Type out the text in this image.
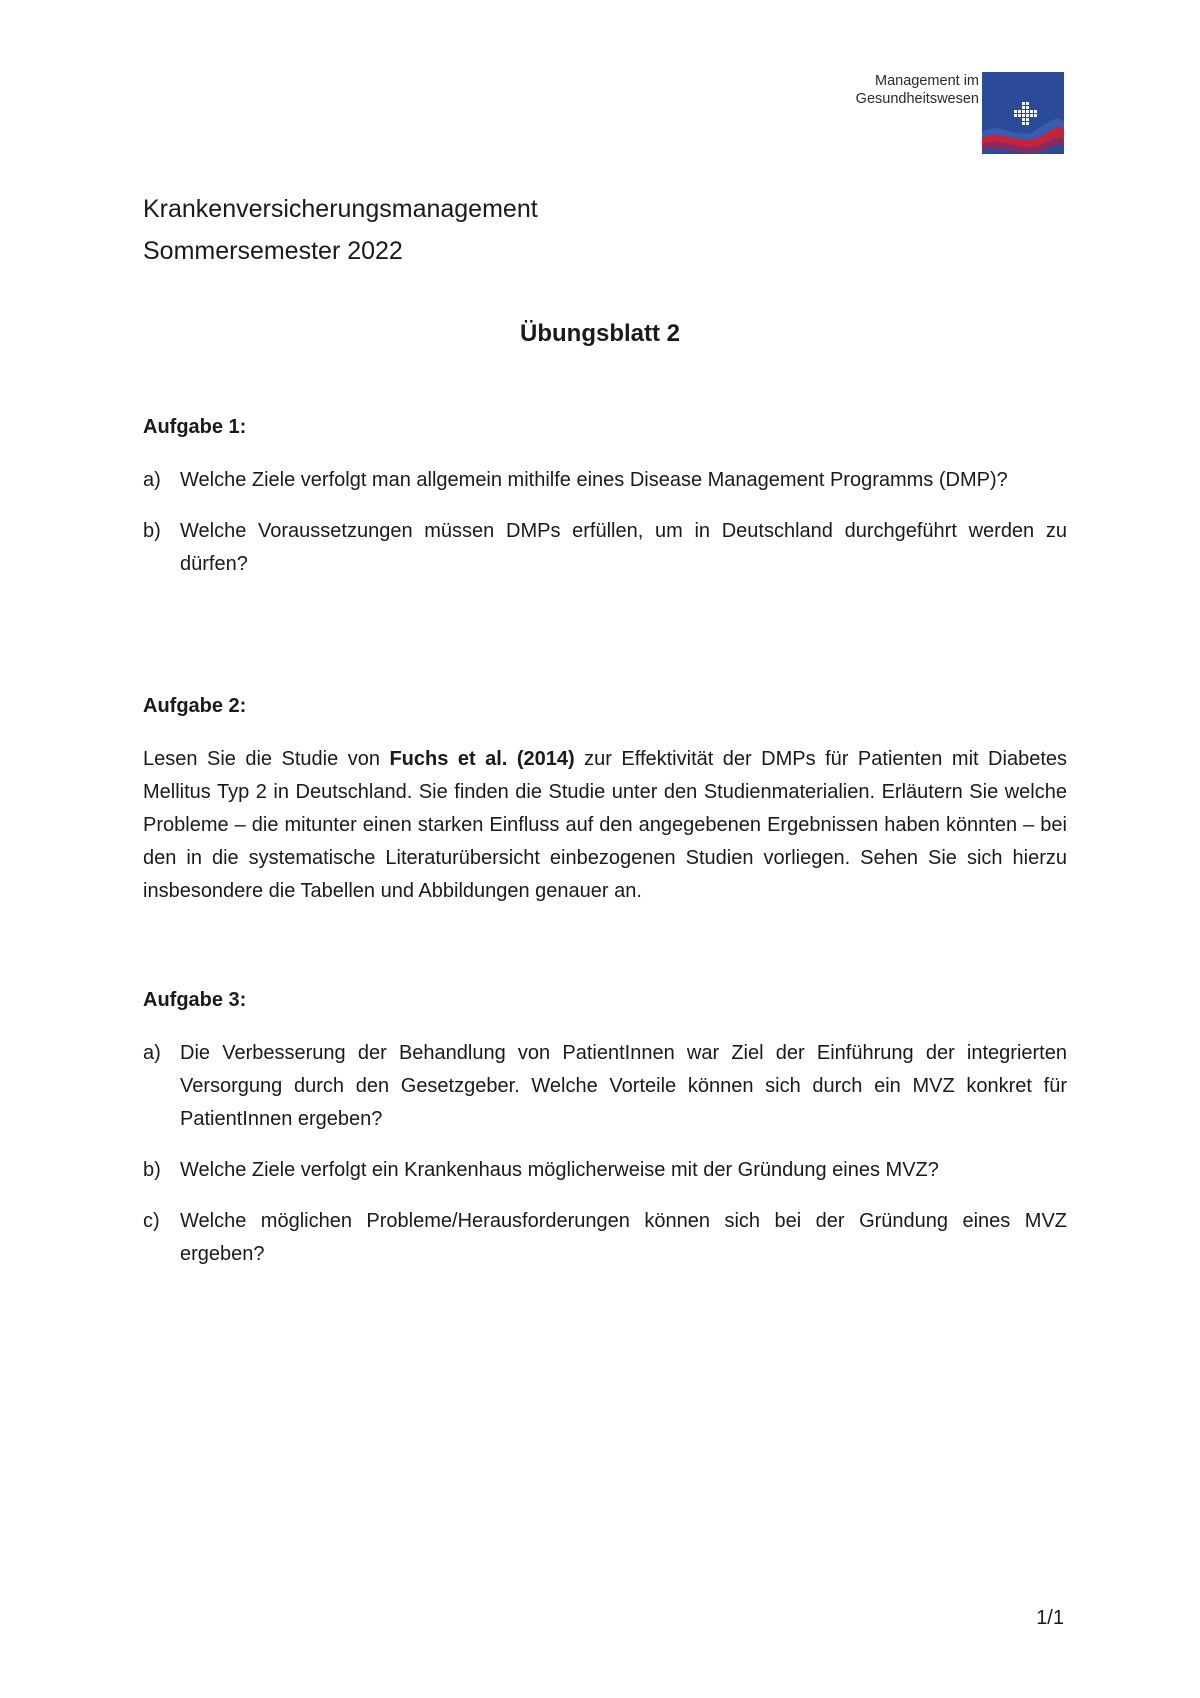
Management im
Gesundheitswesen
Krankenversicherungsmanagement
Sommersemester 2022
Übungsblatt 2
Aufgabe 1:
a) Welche Ziele verfolgt man allgemein mithilfe eines Disease Management Programms (DMP)?
b) Welche Voraussetzungen müssen DMPs erfüllen, um in Deutschland durchgeführt werden zu dürfen?
Aufgabe 2:
Lesen Sie die Studie von Fuchs et al. (2014) zur Effektivität der DMPs für Patienten mit Diabetes Mellitus Typ 2 in Deutschland. Sie finden die Studie unter den Studienmaterialien. Erläutern Sie welche Probleme – die mitunter einen starken Einfluss auf den angegebenen Ergebnissen haben könnten – bei den in die systematische Literaturübersicht einbezogenen Studien vorliegen. Sehen Sie sich hierzu insbesondere die Tabellen und Abbildungen genauer an.
Aufgabe 3:
a) Die Verbesserung der Behandlung von PatientInnen war Ziel der Einführung der integrierten Versorgung durch den Gesetzgeber. Welche Vorteile können sich durch ein MVZ konkret für PatientInnen ergeben?
b) Welche Ziele verfolgt ein Krankenhaus möglicherweise mit der Gründung eines MVZ?
c)	Welche möglichen Probleme/Herausforderungen können sich bei der Gründung eines MVZ ergeben?
1/1
